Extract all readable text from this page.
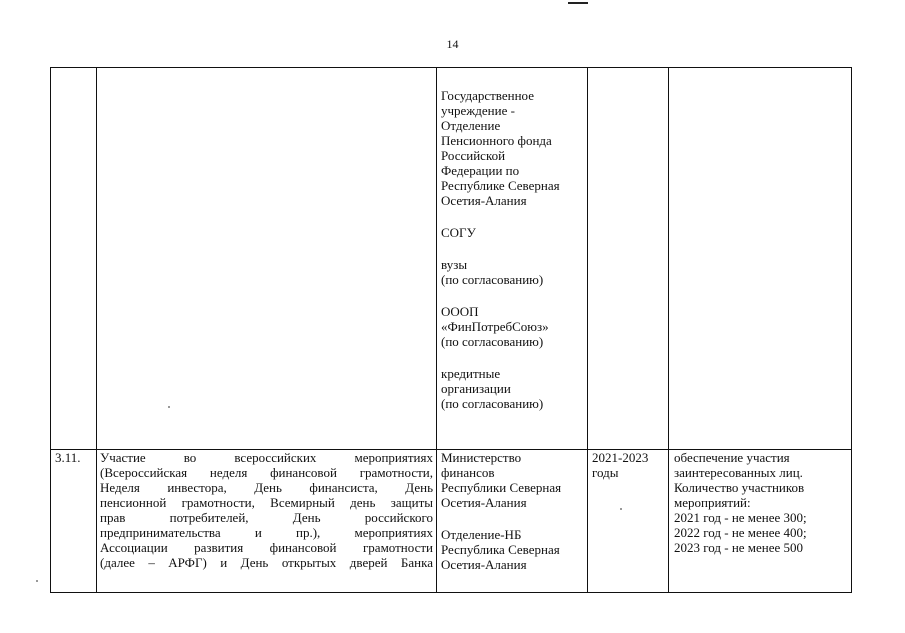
14
Государственное
учреждение -
Отделение
Пенсионного фонда
Российской
Федерации по
Республике Северная
Осетия-Алания
СОГУ
вузы
(по согласованию)
ОООП
«ФинПотребСоюз»
(по согласованию)
кредитные
организации
(по согласованию)
3.11.	Участие во всероссийских мероприятиях
(Всероссийская неделя финансовой грамотности,
Неделя инвестора, День финансиста, День
пенсионной грамотности, Всемирный день защиты
прав потребителей, День российского
предпринимательства и пр.), мероприятиях
Ассоциации развития финансовой грамотности
(далее – АРФГ) и День открытых дверей Банка
Министерство
финансов
Республики Северная
Осетия-Алания
Отделение-НБ
Республика Северная
Осетия-Алания
2021-2023
годы
обеспечение участия
заинтересованных лиц.
Количество участников
мероприятий:
2021 год - не менее 300;
2022 год - не менее 400;
2023 год - не менее 500
